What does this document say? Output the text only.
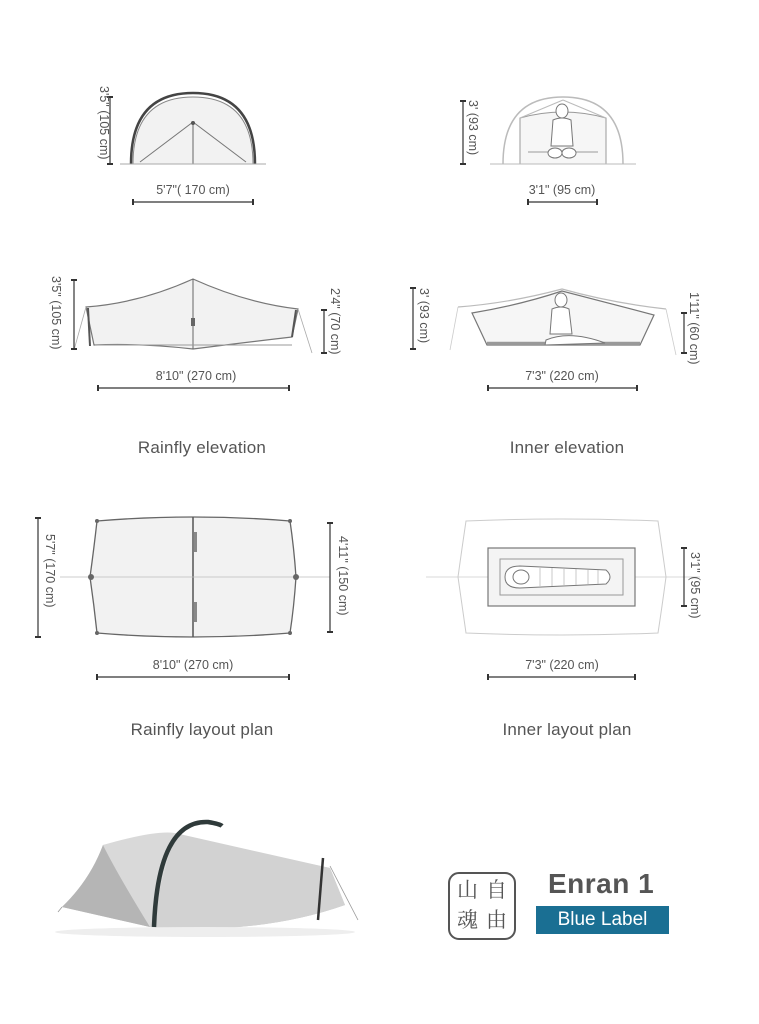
3'5" (105 cm)
5'7"( 170 cm)
3' (93 cm)
3'1" (95 cm)
3'5" (105 cm)	2'4" (70 cm)
8'10" (270 cm)
3' (93 cm)	1'11" (60 cm)
7'3" (220 cm)
5'7" (170 cm)	4'11" (150 cm)
8'10" (270 cm)
3'1" (95 cm)
7'3" (220 cm)
Rainfly elevation	Inner elevation
Rainfly layout plan	Inner layout plan
山 自
魂 由
Enran 1
Blue Label
